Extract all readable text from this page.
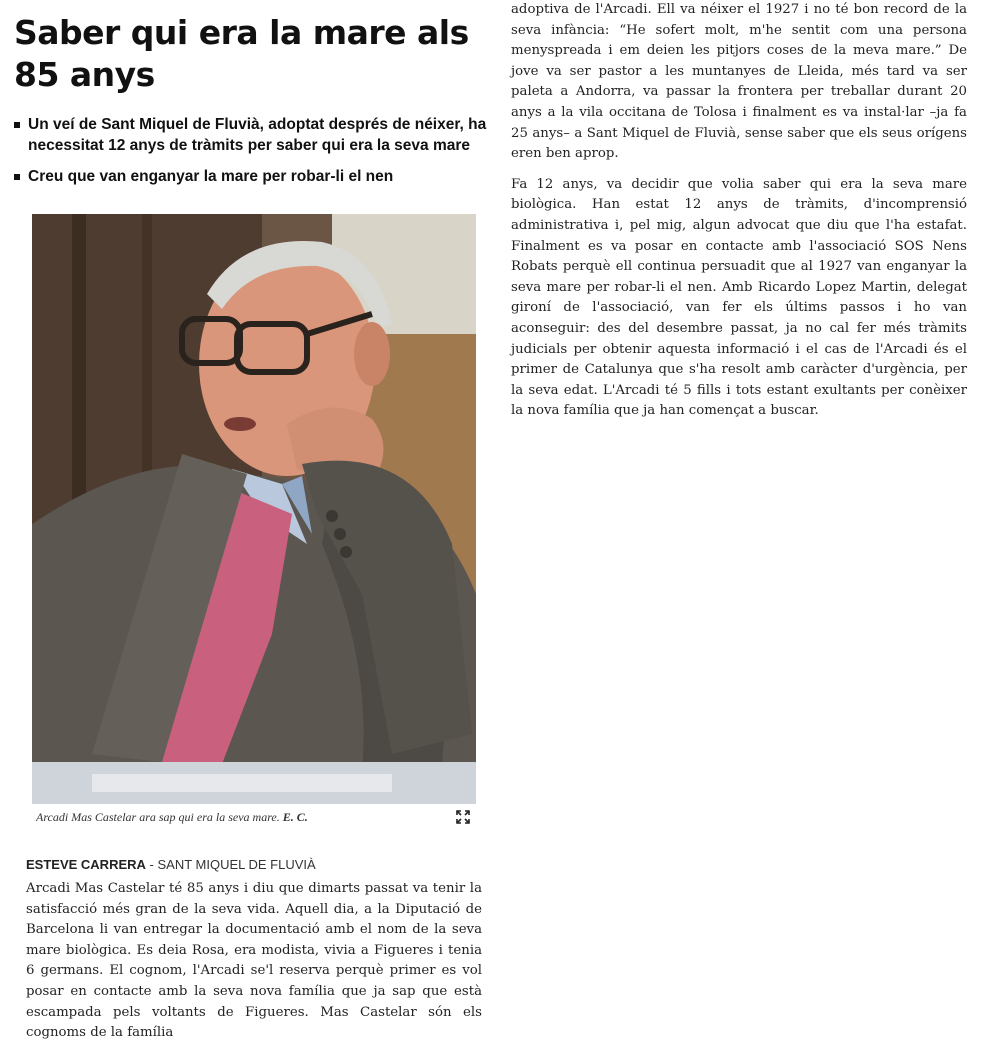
Saber qui era la mare als 85 anys
Un veí de Sant Miquel de Fluvià, adoptat després de néixer, ha necessitat 12 anys de tràmits per saber qui era la seva mare
Creu que van enganyar la mare per robar-li el nen
Arcadi Mas Castelar ara sap qui era la seva mare. E. C.
ESTEVE CARRERA - SANT MIQUEL DE FLUVIÀ

Arcadi Mas Castelar té 85 anys i diu que dimarts passat va tenir la satisfacció més gran de la seva vida. Aquell dia, a la Diputació de Barcelona li van entregar la documentació amb el nom de la seva mare biològica. Es deia Rosa, era modista, vivia a Figueres i tenia 6 germans. El cognom, l'Arcadi se'l reserva perquè primer es vol posar en contacte amb la seva nova família que ja sap que està escampada pels voltants de Figueres. Mas Castelar són els cognoms de la família

adoptiva de l'Arcadi. Ell va néixer el 1927 i no té bon record de la seva infància: “He sofert molt, m'he sentit com una persona menyspreada i em deien les pitjors coses de la meva mare.” De jove va ser pastor a les muntanyes de Lleida, més tard va ser paleta a Andorra, va passar la frontera per treballar durant 20 anys a la vila occitana de Tolosa i finalment es va instal·lar –ja fa 25 anys– a Sant Miquel de Fluvià, sense saber que els seus orígens eren ben aprop.

Fa 12 anys, va decidir que volia saber qui era la seva mare biològica. Han estat 12 anys de tràmits, d'incomprensió administrativa i, pel mig, algun advocat que diu que l'ha estafat. Finalment es va posar en contacte amb l'associació SOS Nens Robats perquè ell continua persuadit que al 1927 van enganyar la seva mare per robar-li el nen. Amb Ricardo Lopez Martin, delegat gironí de l'associació, van fer els últims passos i ho van aconseguir: des del desembre passat, ja no cal fer més tràmits judicials per obtenir aquesta informació i el cas de l'Arcadi és el primer de Catalunya que s'ha resolt amb caràcter d'urgència, per la seva edat. L'Arcadi té 5 fills i tots estant exultants per conèixer la nova família que ja han començat a buscar.
